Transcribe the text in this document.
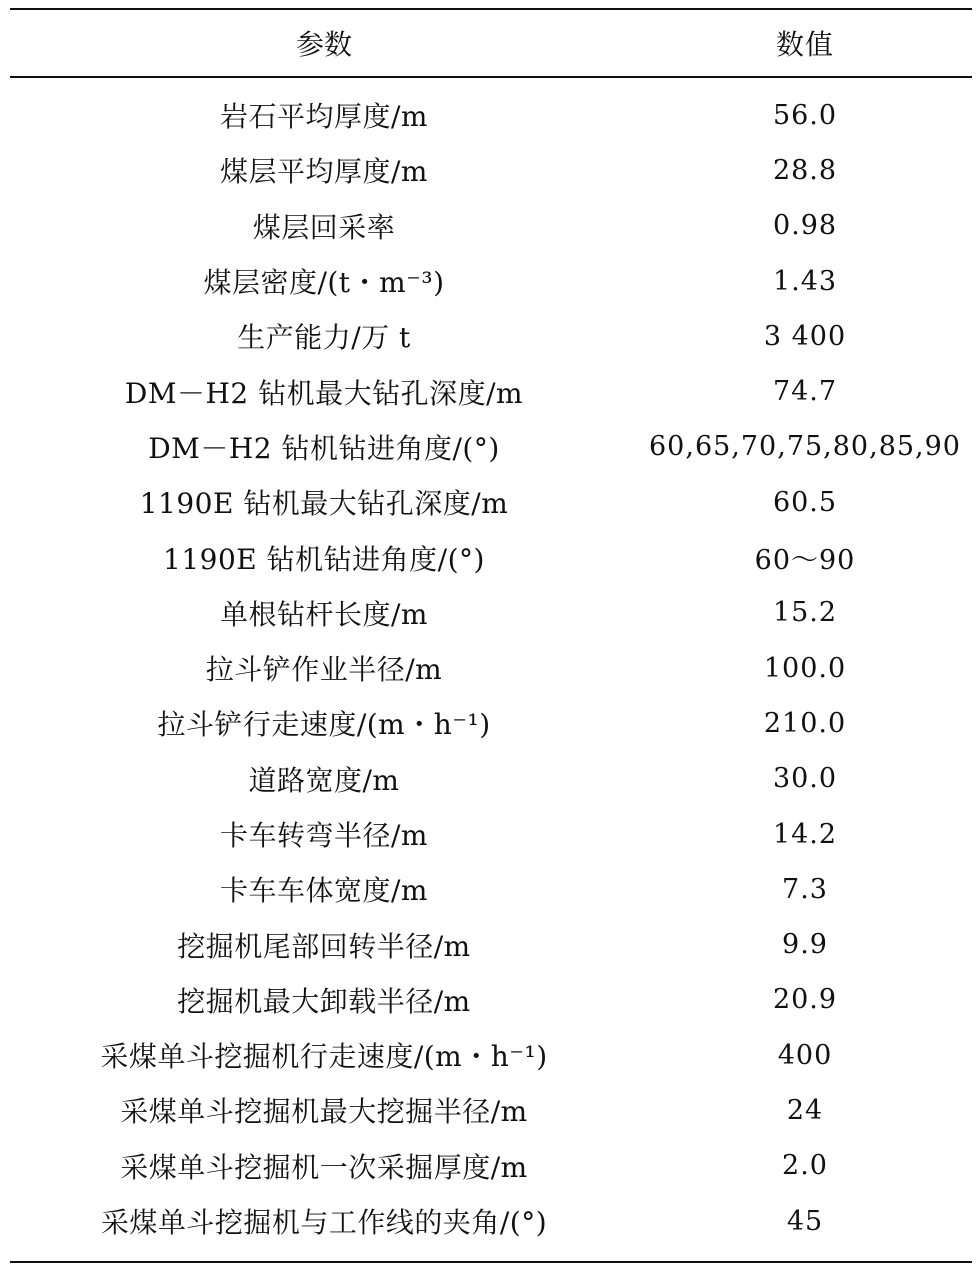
参数	数值
岩石平均厚度/m	56.0
煤层平均厚度/m	28.8
煤层回采率	0.98
煤层密度/(t・m⁻³)	1.43
生产能力/万 t	3 400
DM－H2 钻机最大钻孔深度/m	74.7
DM－H2 钻机钻进角度/(°)	60,65,70,75,80,85,90
1190E 钻机最大钻孔深度/m	60.5
1190E 钻机钻进角度/(°)	60～90
单根钻杆长度/m	15.2
拉斗铲作业半径/m	100.0
拉斗铲行走速度/(m・h⁻¹)	210.0
道路宽度/m	30.0
卡车转弯半径/m	14.2
卡车车体宽度/m	7.3
挖掘机尾部回转半径/m	9.9
挖掘机最大卸载半径/m	20.9
采煤单斗挖掘机行走速度/(m・h⁻¹)	400
采煤单斗挖掘机最大挖掘半径/m	24
采煤单斗挖掘机一次采掘厚度/m	2.0
采煤单斗挖掘机与工作线的夹角/(°)	45
